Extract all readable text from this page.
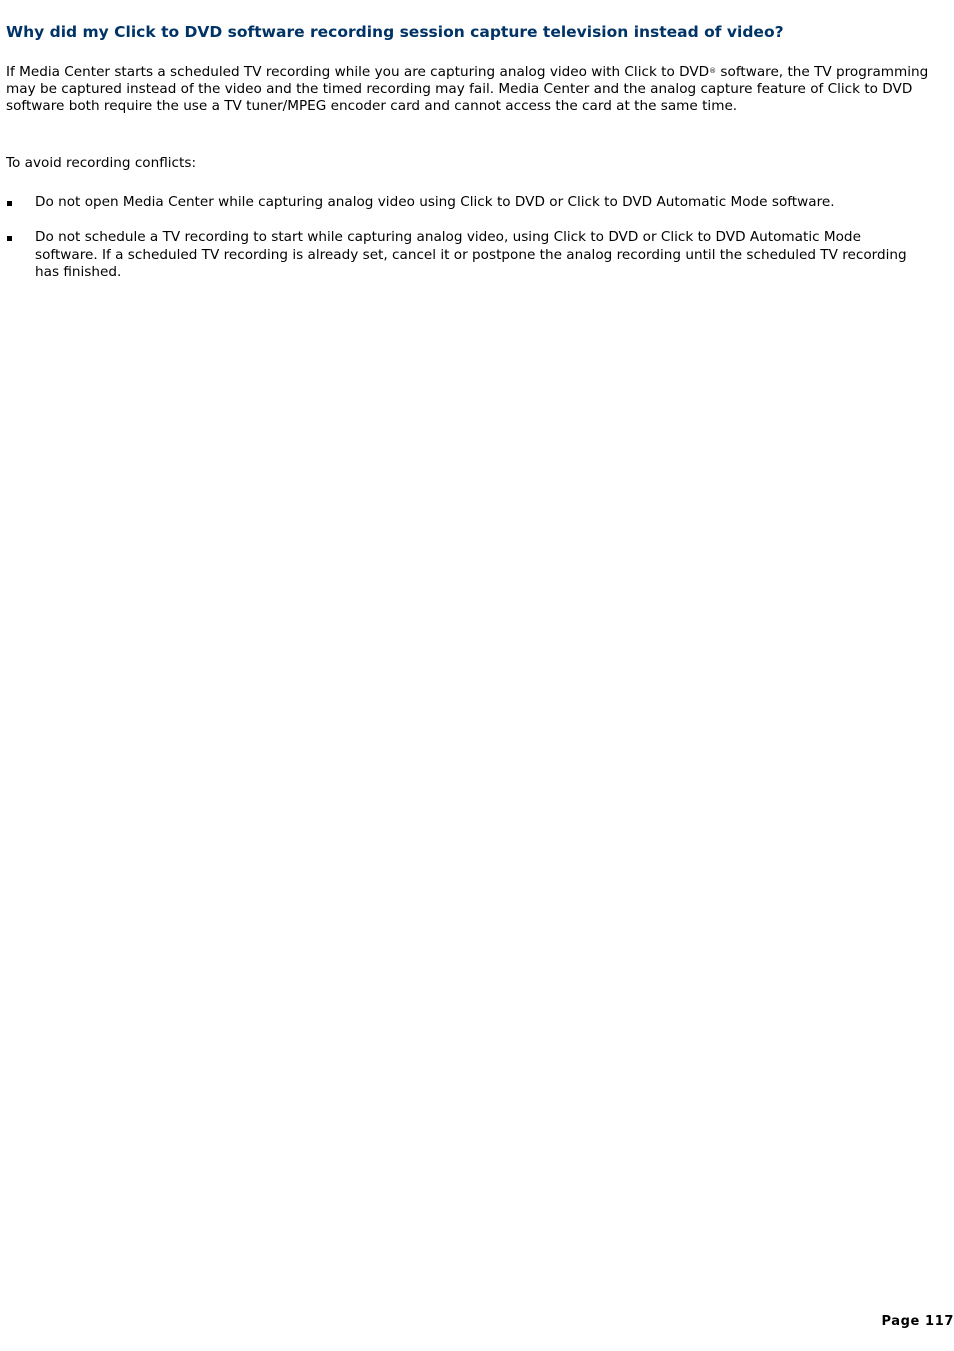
Why did my Click to DVD software recording session capture television instead of video?

If Media Center starts a scheduled TV recording while you are capturing analog video with Click to DVD® software, the TV programming may be captured instead of the video and the timed recording may fail. Media Center and the analog capture feature of Click to DVD software both require the use a TV tuner/MPEG encoder card and cannot access the card at the same time.

To avoid recording conflicts:

Do not open Media Center while capturing analog video using Click to DVD or Click to DVD Automatic Mode software.
Do not schedule a TV recording to start while capturing analog video, using Click to DVD or Click to DVD Automatic Mode software. If a scheduled TV recording is already set, cancel it or postpone the analog recording until the scheduled TV recording has finished.
Page 117
